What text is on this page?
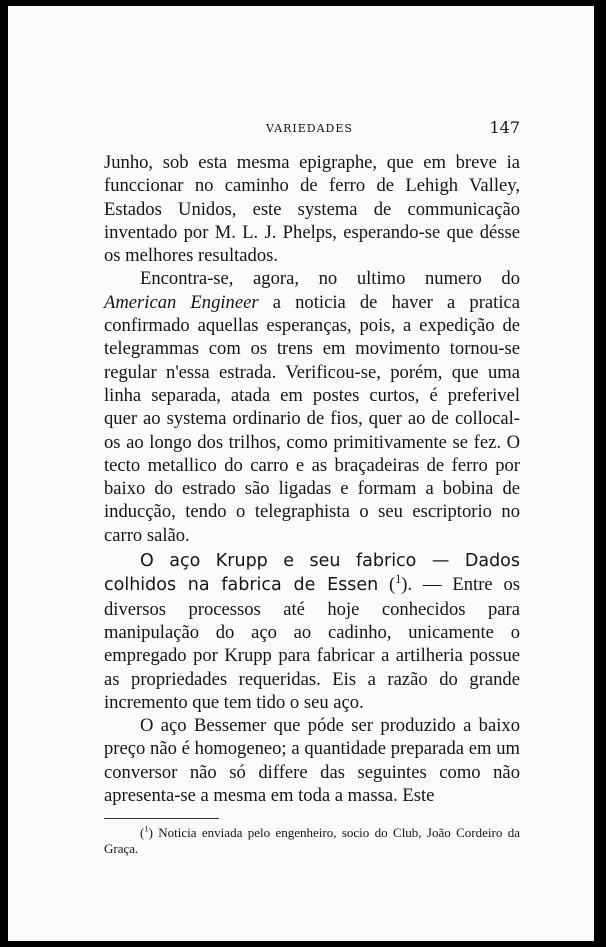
VARIEDADES	147

Junho, sob esta mesma epigraphe, que em breve ia funccionar no caminho de ferro de Lehigh Valley, Estados Unidos, este systema de communicação inventado por M. L. J. Phelps, esperando-se que désse os melhores resultados.

Encontra-se, agora, no ultimo numero do American Engineer a noticia de haver a pratica confirmado aquellas esperanças, pois, a expedição de telegrammas com os trens em movimento tornou-se regular n'essa estrada. Verificou-se, porém, que uma linha separada, atada em postes curtos, é preferivel quer ao systema ordinario de fios, quer ao de collocal-os ao longo dos trilhos, como primitivamente se fez. O tecto metallico do carro e as braçadeiras de ferro por baixo do estrado são ligadas e formam a bobina de inducção, tendo o telegraphista o seu escriptorio no carro salão.

O aço Krupp e seu fabrico — Dados colhidos na fabrica de Essen ($^1$). — Entre os diversos processos até hoje conhecidos para manipulação do aço ao cadinho, unicamente o empregado por Krupp para fabricar a artilheria possue as propriedades requeridas. Eis a razão do grande incremento que tem tido o seu aço.

O aço Bessemer que póde ser produzido a baixo preço não é homogeneo; a quantidade preparada em um conversor não só differe das seguintes como não apresenta-se a mesma em toda a massa. Este

($^1$) Noticia enviada pelo engenheiro, socio do Club, João Cordeiro da Graça.
